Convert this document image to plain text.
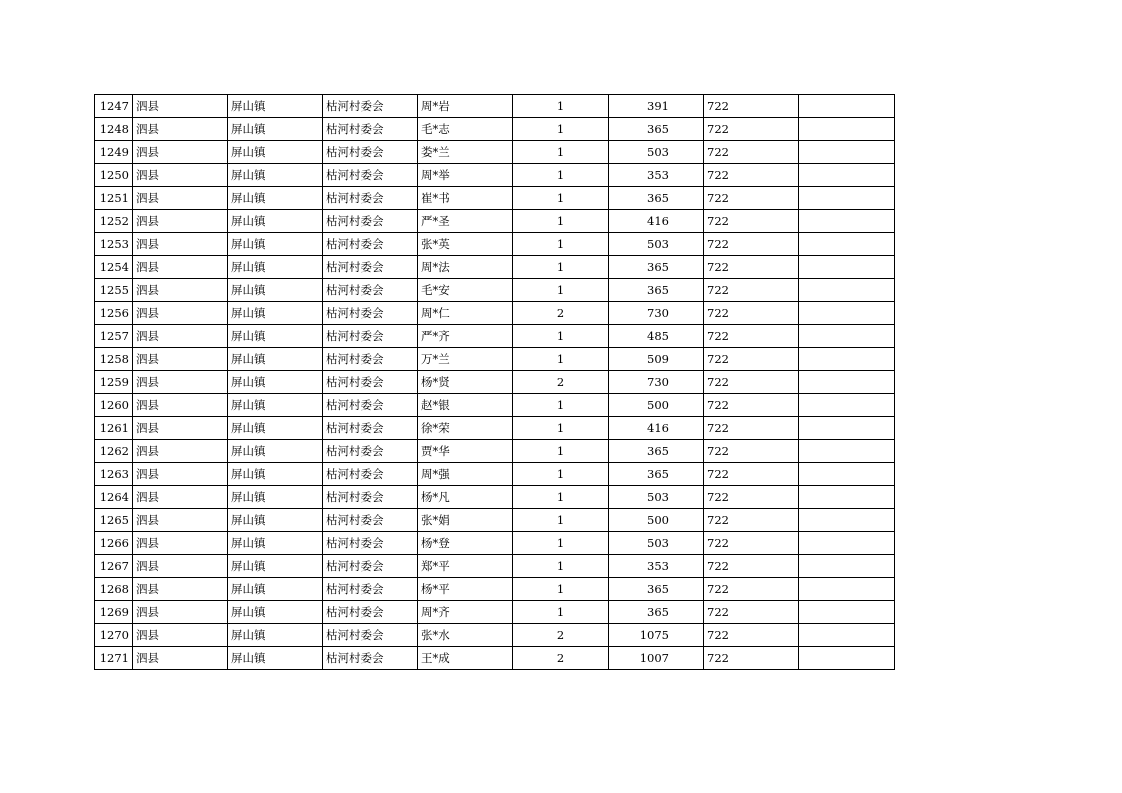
1247	泗县	屏山镇	枯河村委会	周*岩	1	391	722	
1248	泗县	屏山镇	枯河村委会	毛*志	1	365	722	
1249	泗县	屏山镇	枯河村委会	娄*兰	1	503	722	
1250	泗县	屏山镇	枯河村委会	周*举	1	353	722	
1251	泗县	屏山镇	枯河村委会	崔*书	1	365	722	
1252	泗县	屏山镇	枯河村委会	严*圣	1	416	722	
1253	泗县	屏山镇	枯河村委会	张*英	1	503	722	
1254	泗县	屏山镇	枯河村委会	周*法	1	365	722	
1255	泗县	屏山镇	枯河村委会	毛*安	1	365	722	
1256	泗县	屏山镇	枯河村委会	周*仁	2	730	722	
1257	泗县	屏山镇	枯河村委会	严*齐	1	485	722	
1258	泗县	屏山镇	枯河村委会	万*兰	1	509	722	
1259	泗县	屏山镇	枯河村委会	杨*贤	2	730	722	
1260	泗县	屏山镇	枯河村委会	赵*银	1	500	722	
1261	泗县	屏山镇	枯河村委会	徐*荣	1	416	722	
1262	泗县	屏山镇	枯河村委会	贾*华	1	365	722	
1263	泗县	屏山镇	枯河村委会	周*强	1	365	722	
1264	泗县	屏山镇	枯河村委会	杨*凡	1	503	722	
1265	泗县	屏山镇	枯河村委会	张*娟	1	500	722	
1266	泗县	屏山镇	枯河村委会	杨*登	1	503	722	
1267	泗县	屏山镇	枯河村委会	郑*平	1	353	722	
1268	泗县	屏山镇	枯河村委会	杨*平	1	365	722	
1269	泗县	屏山镇	枯河村委会	周*齐	1	365	722	
1270	泗县	屏山镇	枯河村委会	张*水	2	1075	722	
1271	泗县	屏山镇	枯河村委会	王*成	2	1007	722	
